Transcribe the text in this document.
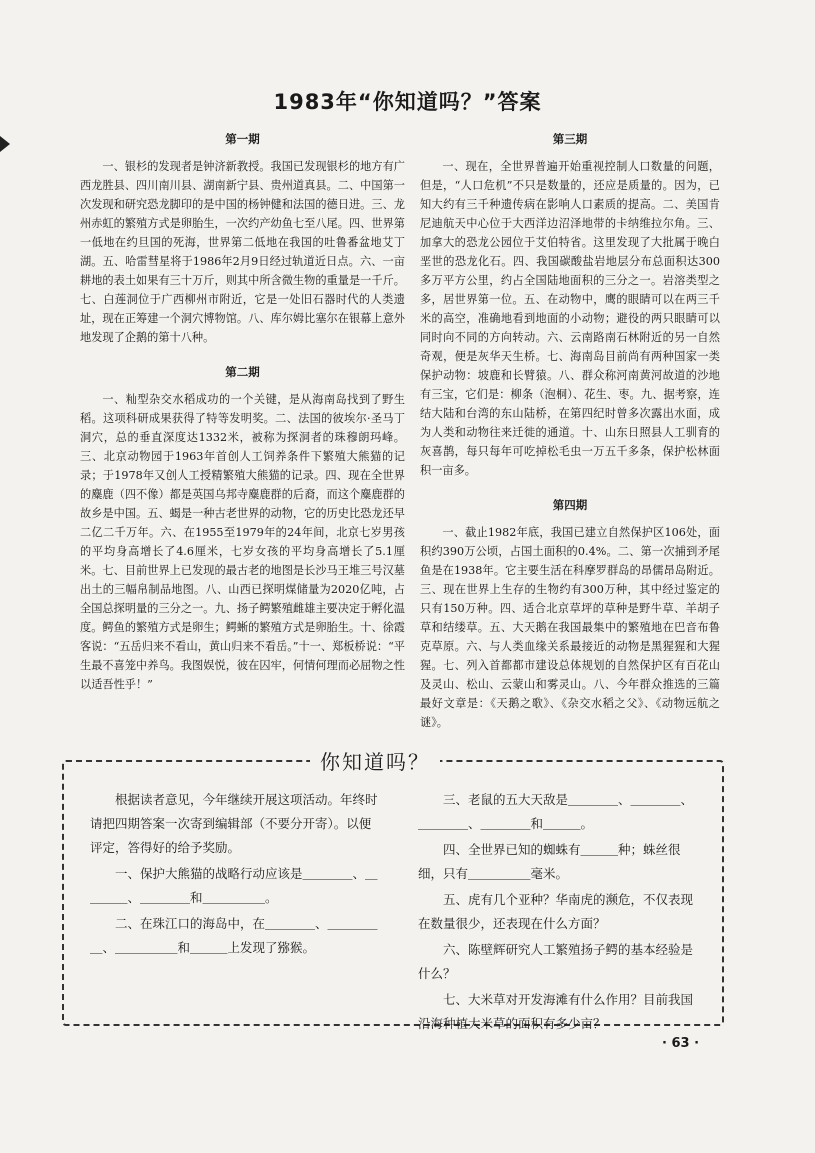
1983年“你知道吗？”答案
第一期

一、银杉的发现者是钟济新教授。我国已发现银杉的地方有广西龙胜县、四川南川县、湖南新宁县、贵州道真县。二、中国第一次发现和研究恐龙脚印的是中国的杨钟健和法国的德日进。三、龙州赤虹的繁殖方式是卵胎生，一次约产幼鱼七至八尾。四、世界第一低地在约旦国的死海，世界第二低地在我国的吐鲁番盆地艾丁湖。五、哈雷彗星将于1986年2月9日经过轨道近日点。六、一亩耕地的表土如果有三十万斤，则其中所含微生物的重量是一千斤。七、白莲洞位于广西柳州市附近，它是一处旧石器时代的人类遗址，现在正筹建一个洞穴博物馆。八、库尔姆比塞尔在银幕上意外地发现了企鹅的第十八种。

第二期

一、籼型杂交水稻成功的一个关键，是从海南岛找到了野生稻。这项科研成果获得了特等发明奖。二、法国的彼埃尔·圣马丁洞穴，总的垂直深度达1332米，被称为探洞者的珠穆朗玛峰。三、北京动物园于1963年首创人工饲养条件下繁殖大熊猫的记录；于1978年又创人工授精繁殖大熊猫的记录。四、现在全世界的麋鹿（四不像）都是英国乌邦寺麋鹿群的后裔，而这个麋鹿群的故乡是中国。五、蝎是一种古老世界的动物，它的历史比恐龙还早二亿二千万年。六、在1955至1979年的24年间，北京七岁男孩的平均身高增长了4.6厘米，七岁女孩的平均身高增长了5.1厘米。七、目前世界上已发现的最古老的地图是长沙马王堆三号汉墓出土的三幅帛制品地图。八、山西已探明煤储量为2020亿吨，占全国总探明量的三分之一。九、扬子鳄繁殖雌雄主要决定于孵化温度。鳄鱼的繁殖方式是卵生；鳄蜥的繁殖方式是卵胎生。十、徐霞客说：“五岳归来不看山，黄山归来不看岳。”十一、郑板桥说：“平生最不喜笼中养鸟。我图娱悦，彼在囚牢，何情何理而必屈物之性以适吾性乎！”

第三期

一、现在，全世界普遍开始重视控制人口数量的问题，但是，“人口危机”不只是数量的，还应是质量的。因为，已知大约有三千种遗传病在影响人口素质的提高。二、美国肯尼迪航天中心位于大西洋边沼泽地带的卡纳维拉尔角。三、加拿大的恐龙公园位于艾伯特省。这里发现了大批属于晚白垩世的恐龙化石。四、我国碳酸盐岩地层分布总面积达300多万平方公里，约占全国陆地面积的三分之一。岩溶类型之多，居世界第一位。五、在动物中，鹰的眼睛可以在两三千米的高空，准确地看到地面的小动物；避役的两只眼睛可以同时向不同的方向转动。六、云南路南石林附近的另一自然奇观，便是灰华天生桥。七、海南岛目前尚有两种国家一类保护动物：坡鹿和长臂猿。八、群众称河南黄河故道的沙地有三宝，它们是：柳条（泡桐）、花生、枣。九、据考察，连结大陆和台湾的东山陆桥，在第四纪时曾多次露出水面，成为人类和动物往来迁徙的通道。十、山东日照县人工驯育的灰喜鹊，每只每年可吃掉松毛虫一万五千多条，保护松林面积一亩多。

第四期

一、截止1982年底，我国已建立自然保护区106处，面积约390万公顷，占国土面积的0.4%。二、第一次捕到矛尾鱼是在1938年。它主要生活在科摩罗群岛的昂儒昂岛附近。三、现在世界上生存的生物约有300万种，其中经过鉴定的只有150万种。四、适合北京草坪的草种是野牛草、羊胡子草和结缕草。五、大天鹅在我国最集中的繁殖地在巴音布鲁克草原。六、与人类血缘关系最接近的动物是黑猩猩和大猩猩。七、列入首都都市建设总体规划的自然保护区有百花山及灵山、松山、云蒙山和雾灵山。八、今年群众推选的三篇最好文章是：《天鹅之歌》、《杂交水稻之父》、《动物远航之谜》。

你知道吗？

根据读者意见，今年继续开展这项活动。年终时请把四期答案一次寄到编辑部（不要分开寄）。以便评定，答得好的给予奖励。

一、保护大熊猫的战略行动应该是＿＿＿＿、＿＿＿＿、＿＿＿＿和＿＿＿＿＿。

二、在珠江口的海岛中，在＿＿＿＿、＿＿＿＿＿、＿＿＿＿＿和＿＿＿上发现了猕猴。

三、老鼠的五大天敌是＿＿＿＿、＿＿＿＿、＿＿＿＿、＿＿＿＿和＿＿＿。

四、全世界已知的蜘蛛有＿＿＿种；蛛丝很细，只有＿＿＿＿＿毫米。

五、虎有几个亚种？华南虎的濒危，不仅表现在数量很少，还表现在什么方面？

六、陈壁辉研究人工繁殖扬子鳄的基本经验是什么？

七、大米草对开发海滩有什么作用？目前我国沿海种植大米草的面积有多少亩？

· 63 ·
